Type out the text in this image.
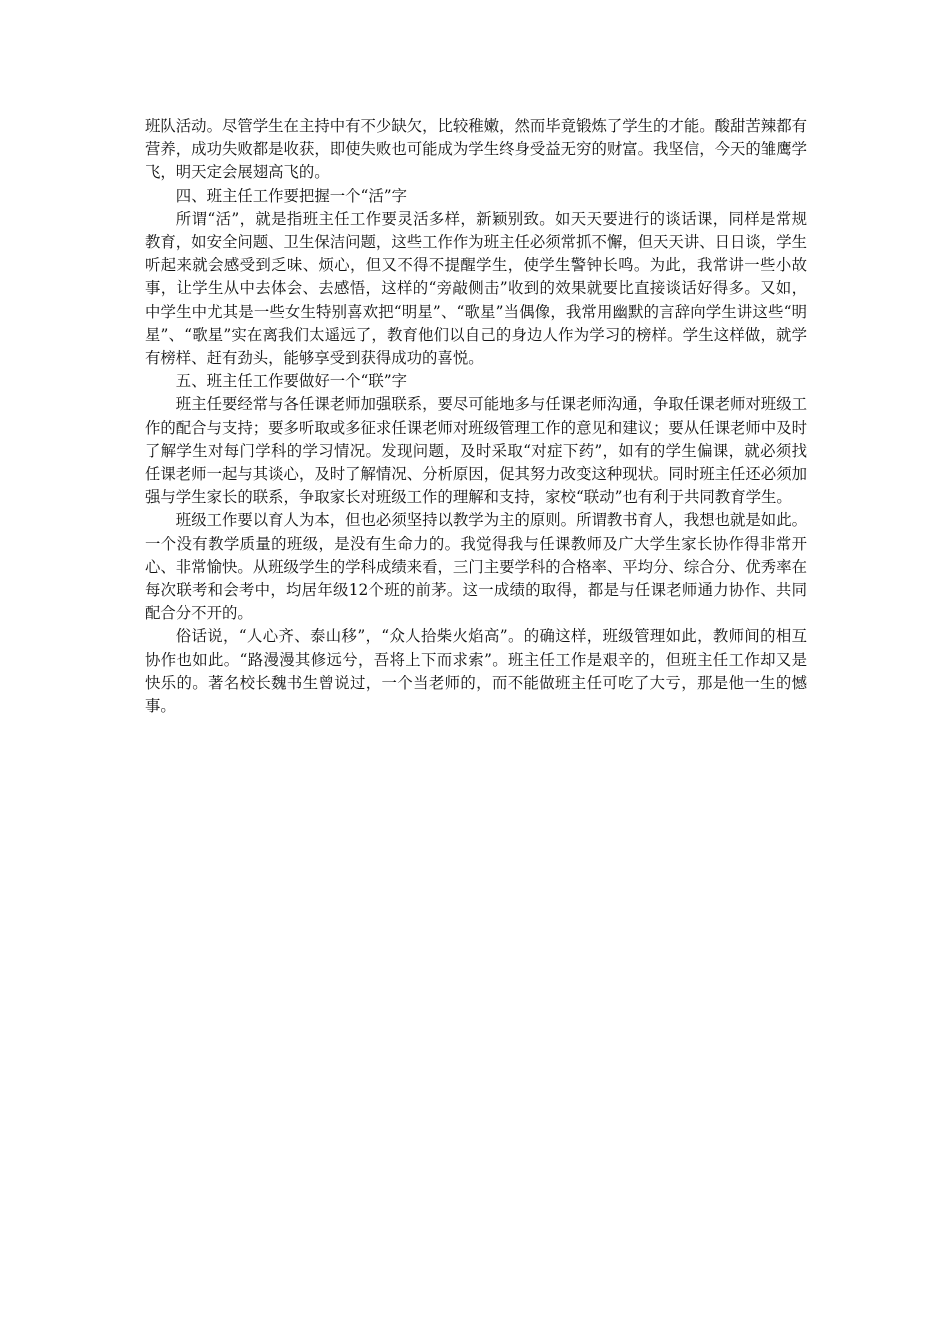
班队活动。尽管学生在主持中有不少缺欠，比较稚嫩，然而毕竟锻炼了学生的才能。酸甜苦辣都有营养，成功失败都是收获，即使失败也可能成为学生终身受益无穷的财富。我坚信，今天的雏鹰学飞，明天定会展翅高飞的。

四、班主任工作要把握一个“活”字

所谓“活”，就是指班主任工作要灵活多样，新颖别致。如天天要进行的谈话课，同样是常规教育，如安全问题、卫生保洁问题，这些工作作为班主任必须常抓不懈，但天天讲、日日谈，学生听起来就会感受到乏味、烦心，但又不得不提醒学生，使学生警钟长鸣。为此，我常讲一些小故事，让学生从中去体会、去感悟，这样的“旁敲侧击”收到的效果就要比直接谈话好得多。又如，中学生中尤其是一些女生特别喜欢把“明星”、“歌星”当偶像，我常用幽默的言辞向学生讲这些“明星”、“歌星”实在离我们太遥远了，教育他们以自己的身边人作为学习的榜样。学生这样做，就学有榜样、赶有劲头，能够享受到获得成功的喜悦。

五、班主任工作要做好一个“联”字

班主任要经常与各任课老师加强联系，要尽可能地多与任课老师沟通，争取任课老师对班级工作的配合与支持；要多听取或多征求任课老师对班级管理工作的意见和建议；要从任课老师中及时了解学生对每门学科的学习情况。发现问题，及时采取“对症下药”，如有的学生偏课，就必须找任课老师一起与其谈心，及时了解情况、分析原因，促其努力改变这种现状。同时班主任还必须加强与学生家长的联系，争取家长对班级工作的理解和支持，家校“联动”也有利于共同教育学生。

班级工作要以育人为本，但也必须坚持以教学为主的原则。所谓教书育人，我想也就是如此。一个没有教学质量的班级，是没有生命力的。我觉得我与任课教师及广大学生家长协作得非常开心、非常愉快。从班级学生的学科成绩来看，三门主要学科的合格率、平均分、综合分、优秀率在每次联考和会考中，均居年级12个班的前茅。这一成绩的取得，都是与任课老师通力协作、共同配合分不开的。

俗话说，“人心齐、泰山移”，“众人拾柴火焰高”。的确这样，班级管理如此，教师间的相互协作也如此。“路漫漫其修远兮，吾将上下而求索”。班主任工作是艰辛的，但班主任工作却又是快乐的。著名校长魏书生曾说过，一个当老师的，而不能做班主任可吃了大亏，那是他一生的憾事。
